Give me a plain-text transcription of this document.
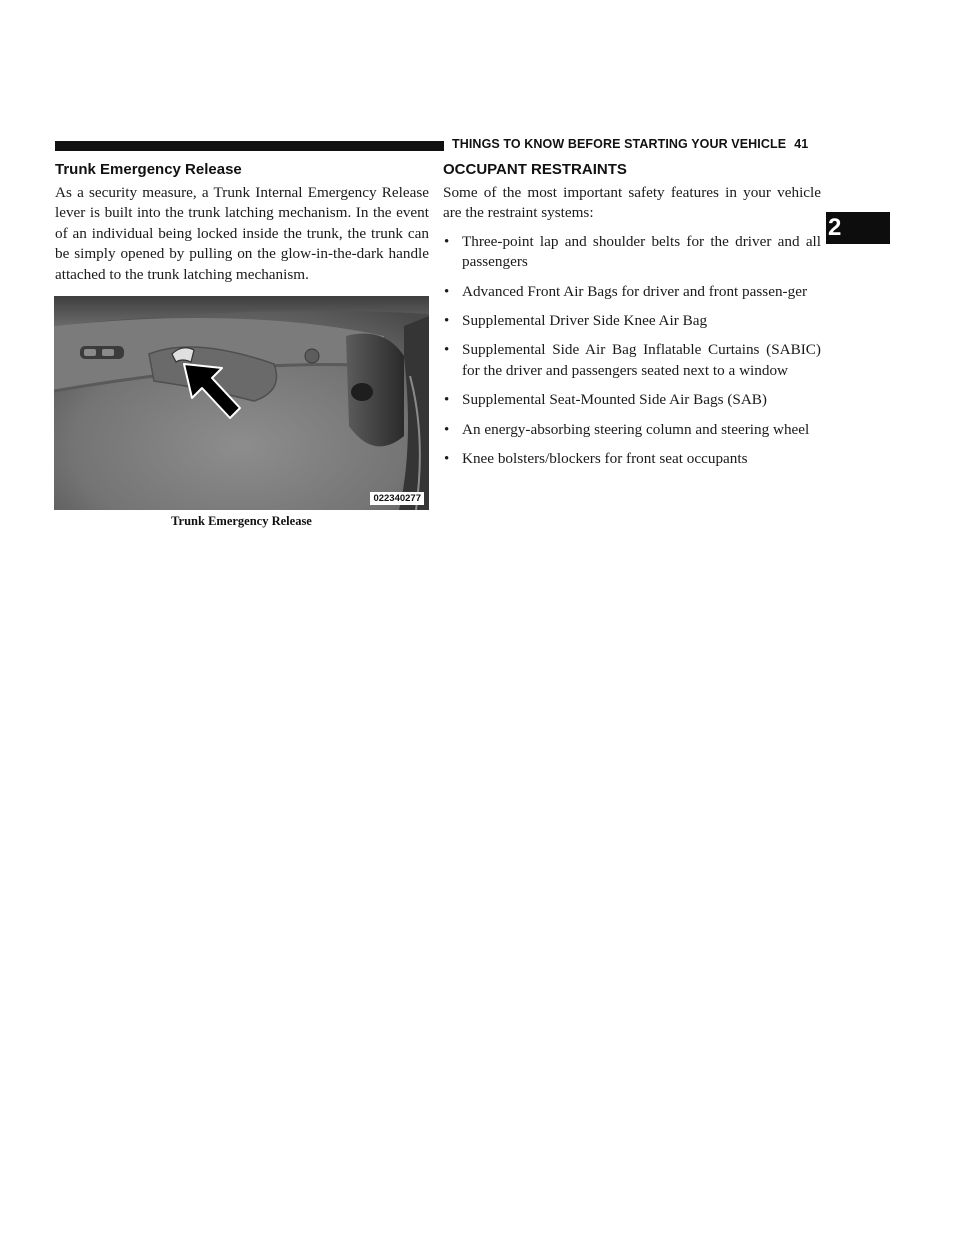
THINGS TO KNOW BEFORE STARTING YOUR VEHICLE 41
2
Trunk Emergency Release

As a security measure, a Trunk Internal Emergency Release lever is built into the trunk latching mechanism. In the event of an individual being locked inside the trunk, the trunk can be simply opened by pulling on the glow-in-the-dark handle attached to the trunk latching mechanism.

022340277
Trunk Emergency Release
OCCUPANT RESTRAINTS

Some of the most important safety features in your vehicle are the restraint systems:

• Three-point lap and shoulder belts for the driver and all passengers
• Advanced Front Air Bags for driver and front passen-ger
• Supplemental Driver Side Knee Air Bag
• Supplemental Side Air Bag Inflatable Curtains (SABIC) for the driver and passengers seated next to a window
• Supplemental Seat-Mounted Side Air Bags (SAB)
• An energy-absorbing steering column and steering wheel
• Knee bolsters/blockers for front seat occupants
